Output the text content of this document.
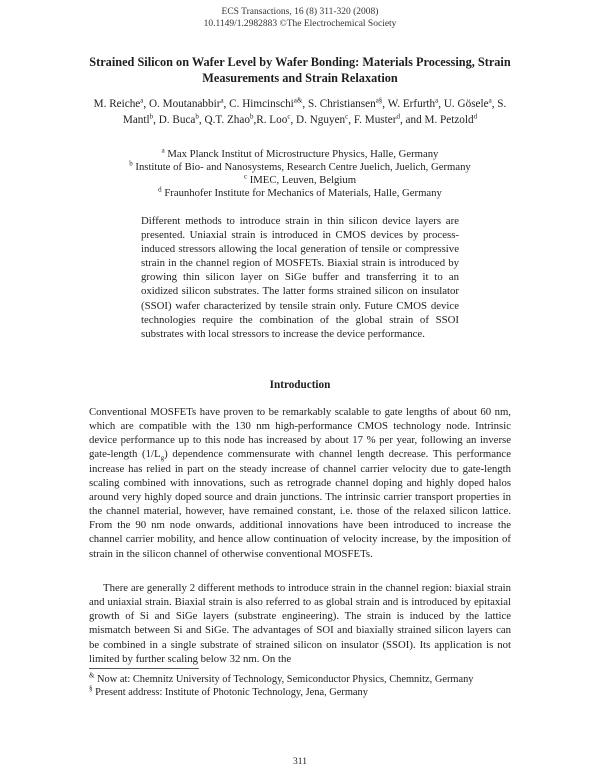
ECS Transactions, 16 (8) 311-320 (2008)
10.1149/1.2982883 ©The Electrochemical Society
Strained Silicon on Wafer Level by Wafer Bonding: Materials Processing, Strain Measurements and Strain Relaxation
M. Reiche$^a$, O. Moutanabbir$^a$, C. Himcinschi$^{a\&}$, S. Christiansen$^{a\S}$, W. Erfurth$^a$, U. Gösele$^a$, S. Mantl$^b$, D. Buca$^b$, Q.T. Zhao$^b$,R. Loo$^c$, D. Nguyen$^c$, F. Muster$^d$, and M. Petzold$^d$
$^a$ Max Planck Institut of Microstructure Physics, Halle, Germany
$^b$ Institute of Bio- and Nanosystems, Research Centre Juelich, Juelich, Germany
$^c$ IMEC, Leuven, Belgium
$^d$ Fraunhofer Institute for Mechanics of Materials, Halle, Germany
Different methods to introduce strain in thin silicon device layers are presented. Uniaxial strain is introduced in CMOS devices by process-induced stressors allowing the local generation of tensile or compressive strain in the channel region of MOSFETs. Biaxial strain is introduced by growing thin silicon layer on SiGe buffer and transferring it to an oxidized silicon substrates. The latter forms strained silicon on insulator (SSOI) wafer characterized by tensile strain only. Future CMOS device technologies require the combination of the global strain of SSOI substrates with local stressors to increase the device performance.
Introduction
Conventional MOSFETs have proven to be remarkably scalable to gate lengths of about 60 nm, which are compatible with the 130 nm high-performance CMOS technology node. Intrinsic device performance up to this node has increased by about 17 % per year, following an inverse gate-length $(1/L_g)$ dependence commensurate with channel length decrease. This performance increase has relied in part on the steady increase of channel carrier velocity due to gate-length scaling combined with innovations, such as retrograde channel doping and highly doped halos around very highly doped source and drain junctions. The intrinsic carrier transport properties in the channel material, however, have remained constant, i.e. those of the relaxed silicon lattice. From the 90 nm node onwards, additional innovations have been introduced to increase the channel carrier mobility, and hence allow continuation of velocity increase, by the imposition of strain in the silicon channel of otherwise conventional MOSFETs.
There are generally 2 different methods to introduce strain in the channel region: biaxial strain and uniaxial strain. Biaxial strain is also referred to as global strain and is introduced by epitaxial growth of Si and SiGe layers (substrate engineering). The strain is induced by the lattice mismatch between Si and SiGe. The advantages of SOI and biaxially strained silicon layers can be combined in a single substrate of strained silicon on insulator (SSOI). Its application is not limited by further scaling below 32 nm. On the
& Now at: Chemnitz University of Technology, Semiconductor Physics, Chemnitz, Germany
§ Present address: Institute of Photonic Technology, Jena, Germany
311
